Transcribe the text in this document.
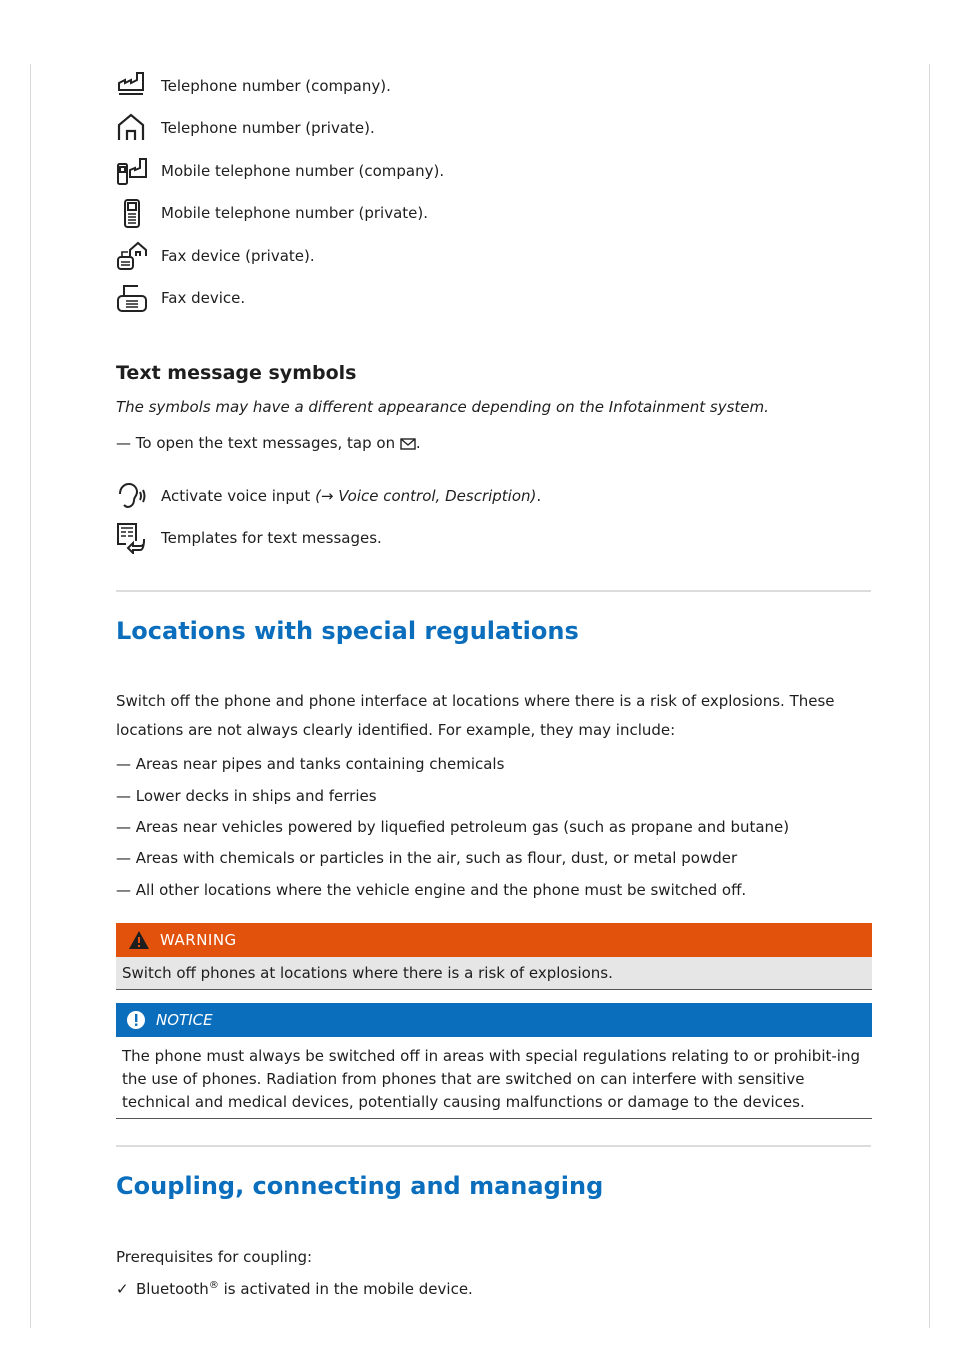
Telephone number (company).
Telephone number (private).
Mobile telephone number (company).
Mobile telephone number (private).
Fax device (private).
Fax device.
Text message symbols
The symbols may have a different appearance depending on the Infotainment system.
— To open the text messages, tap on .
Activate voice input (→ Voice control, Description).
Templates for text messages.
Locations with special regulations
Switch off the phone and phone interface at locations where there is a risk of explosions. These locations are not always clearly identified. For example, they may include:
— Areas near pipes and tanks containing chemicals
— Lower decks in ships and ferries
— Areas near vehicles powered by liquefied petroleum gas (such as propane and butane)
— Areas with chemicals or particles in the air, such as flour, dust, or metal powder
— All other locations where the vehicle engine and the phone must be switched off.
WARNING
Switch off phones at locations where there is a risk of explosions.
NOTICE
The phone must always be switched off in areas with special regulations relating to or prohibit-ing the use of phones. Radiation from phones that are switched on can interfere with sensitive technical and medical devices, potentially causing malfunctions or damage to the devices.
Coupling, connecting and managing
Prerequisites for coupling:
✓ Bluetooth® is activated in the mobile device.
